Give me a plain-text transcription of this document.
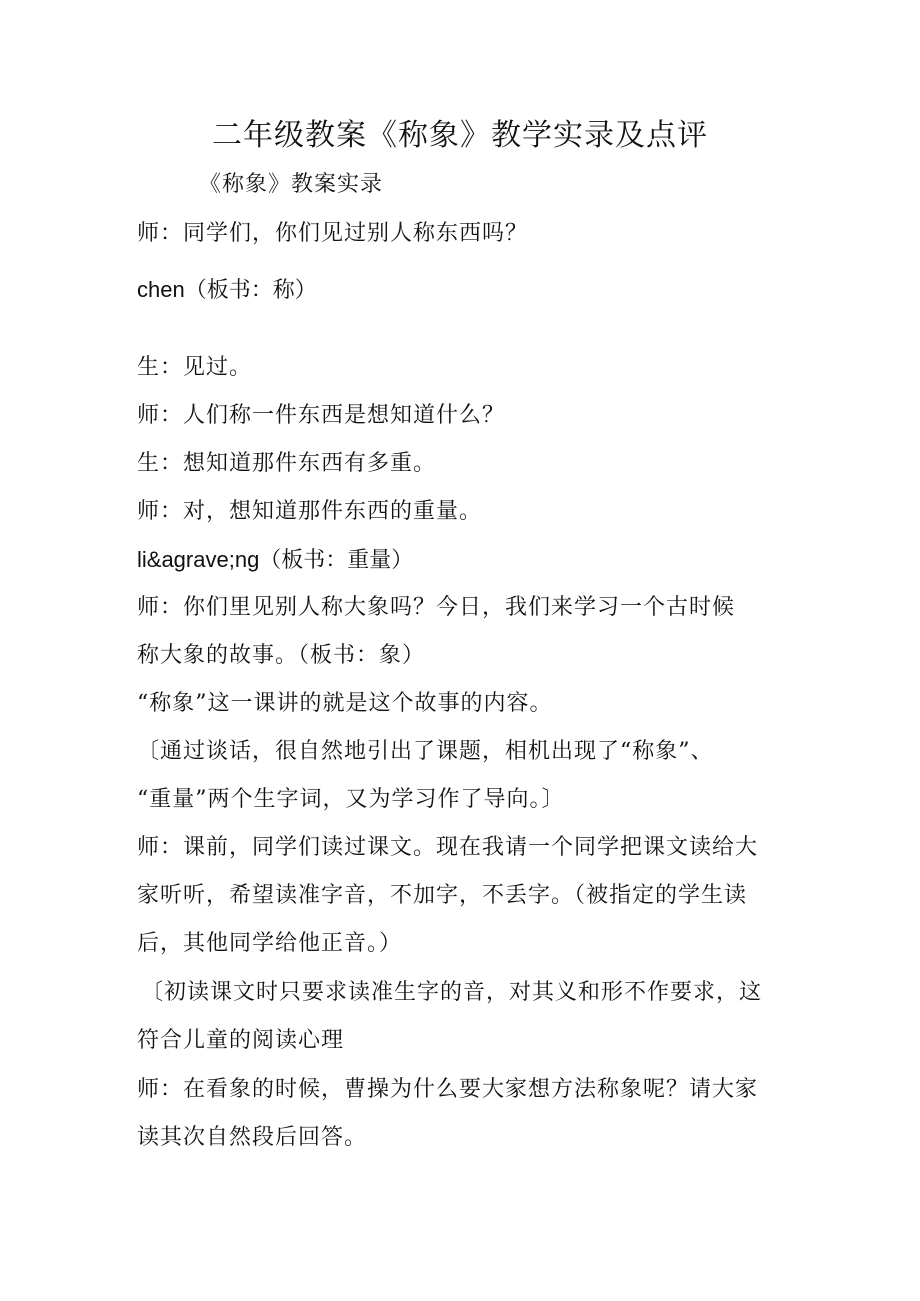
二年级教案《称象》教学实录及点评
《称象》教案实录
师：同学们，你们见过别人称东西吗？
chen（板书：称）
生：见过。
师：人们称一件东西是想知道什么？
生：想知道那件东西有多重。
师：对，想知道那件东西的重量。
li&agrave;ng（板书：重量）
师：你们里见别人称大象吗？今日，我们来学习一个古时候
称大象的故事。（板书：象）
“称象”这一课讲的就是这个故事的内容。
〔通过谈话，很自然地引出了课题，相机出现了“称象”、
“重量”两个生字词，又为学习作了导向。〕
师：课前，同学们读过课文。现在我请一个同学把课文读给大
家听听，希望读准字音，不加字，不丢字。（被指定的学生读
后，其他同学给他正音。）
〔初读课文时只要求读准生字的音，对其义和形不作要求，这
符合儿童的阅读心理
师：在看象的时候，曹操为什么要大家想方法称象呢？请大家
读其次自然段后回答。
